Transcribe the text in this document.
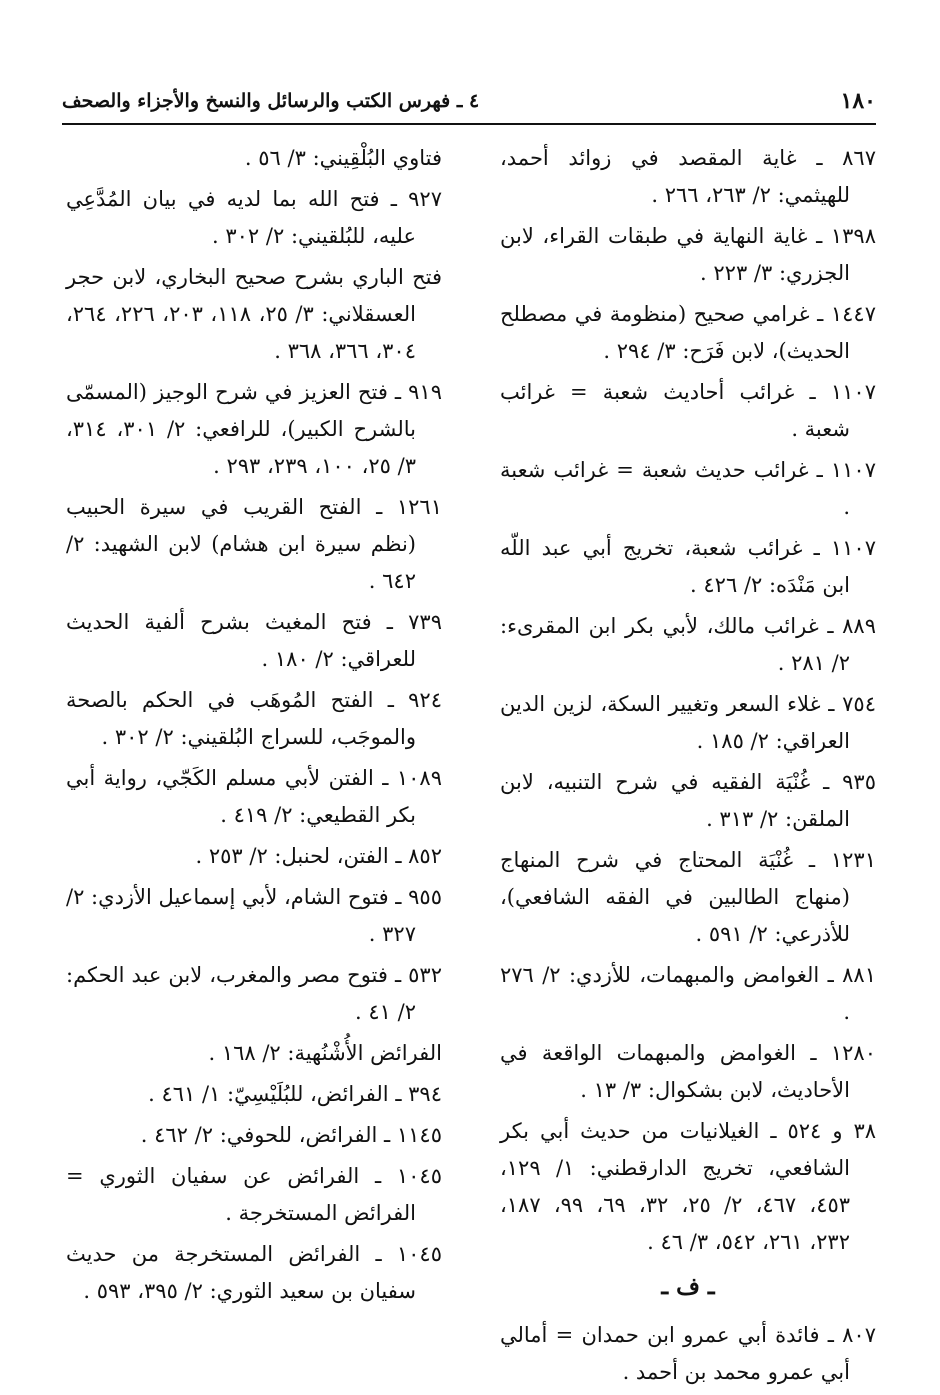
١٨٠
٤ ـ فهرس الكتب والرسائل والنسخ والأجزاء والصحف

٨٦٧ ـ غاية المقصد في زوائد أحمد، للهيثمي: ٢/ ٢٦٣، ٢٦٦ .

١٣٩٨ ـ غاية النهاية في طبقات القراء، لابن الجزري: ٣/ ٢٢٣ .

١٤٤٧ ـ غرامي صحيح (منظومة في مصطلح الحديث)، لابن فَرَح: ٣/ ٢٩٤ .

١١٠٧ ـ غرائب أحاديث شعبة = غرائب شعبة .

١١٠٧ ـ غرائب حديث شعبة = غرائب شعبة .

١١٠٧ ـ غرائب شعبة، تخريج أبي عبد اللّه ابن مَنْدَه: ٢/ ٤٢٦ .

٨٨٩ ـ غرائب مالك، لأبي بكر ابن المقرىء: ٢/ ٢٨١ .

٧٥٤ ـ غلاء السعر وتغيير السكة، لزين الدين العراقي: ٢/ ١٨٥ .

٩٣٥ ـ غُنْيَة الفقيه في شرح التنبيه، لابن الملقن: ٢/ ٣١٣ .

١٢٣١ ـ غُنْيَة المحتاج في شرح المنهاج (منهاج الطالبين في الفقه الشافعي)، للأذرعي: ٢/ ٥٩١ .

٨٨١ ـ الغوامض والمبهمات، للأزدي: ٢/ ٢٧٦ .

١٢٨٠ ـ الغوامض والمبهمات الواقعة في الأحاديث، لابن بشكوال: ٣/ ١٣ .

٣٨ و ٥٢٤ ـ الغيلانيات من حديث أبي بكر الشافعي، تخريج الدارقطني: ١/ ١٢٩، ٤٥٣، ٤٦٧، ٢/ ٢٥، ٣٢، ٦٩، ٩٩، ١٨٧، ٢٣٢، ٢٦١، ٥٤٢، ٣/ ٤٦ .

ـ ف ـ

٨٠٧ ـ فائدة أبي عمرو ابن حمدان = أمالي أبي عمرو محمد بن أحمد .

فتاوي البُلْقِيني: ٣/ ٥٦ .

٩٢٧ ـ فتح الله بما لديه في بيان المُدَّعِي عليه، للبُلقيني: ٢/ ٣٠٢ .

فتح الباري بشرح صحيح البخاري، لابن حجر العسقلاني: ٣/ ٢٥، ١١٨، ٢٠٣، ٢٢٦، ٢٦٤، ٣٠٤، ٣٦٦، ٣٦٨ .

٩١٩ ـ فتح العزيز في شرح الوجيز (المسمّى بالشرح الكبير)، للرافعي: ٢/ ٣٠١، ٣١٤، ٣/ ٢٥، ١٠٠، ٢٣٩، ٢٩٣ .

١٢٦١ ـ الفتح القريب في سيرة الحبيب (نظم سيرة ابن هشام) لابن الشهيد: ٢/ ٦٤٢ .

٧٣٩ ـ فتح المغيث بشرح ألفية الحديث للعراقي: ٢/ ١٨٠ .

٩٢٤ ـ الفتح المُوهَب في الحكم بالصحة والموجَب، للسراج البُلقيني: ٢/ ٣٠٢ .

١٠٨٩ ـ الفتن لأبي مسلم الكَجّي، رواية أبي بكر القطيعي: ٢/ ٤١٩ .

٨٥٢ ـ الفتن، لحنبل: ٢/ ٢٥٣ .

٩٥٥ ـ فتوح الشام، لأبي إسماعيل الأزدي: ٢/ ٣٢٧ .

٥٣٢ ـ فتوح مصر والمغرب، لابن عبد الحكم: ٢/ ٤١ .

الفرائض الأُشْنُهية: ٢/ ١٦٨ .

٣٩٤ ـ الفرائض، للبُلَيْسِيّ: ١/ ٤٦١ .

١١٤٥ ـ الفرائض، للحوفي: ٢/ ٤٦٢ .

١٠٤٥ ـ الفرائض عن سفيان الثوري = الفرائض المستخرجة .

١٠٤٥ ـ الفرائض المستخرجة من حديث سفيان بن سعيد الثوري: ٢/ ٣٩٥، ٥٩٣ .
